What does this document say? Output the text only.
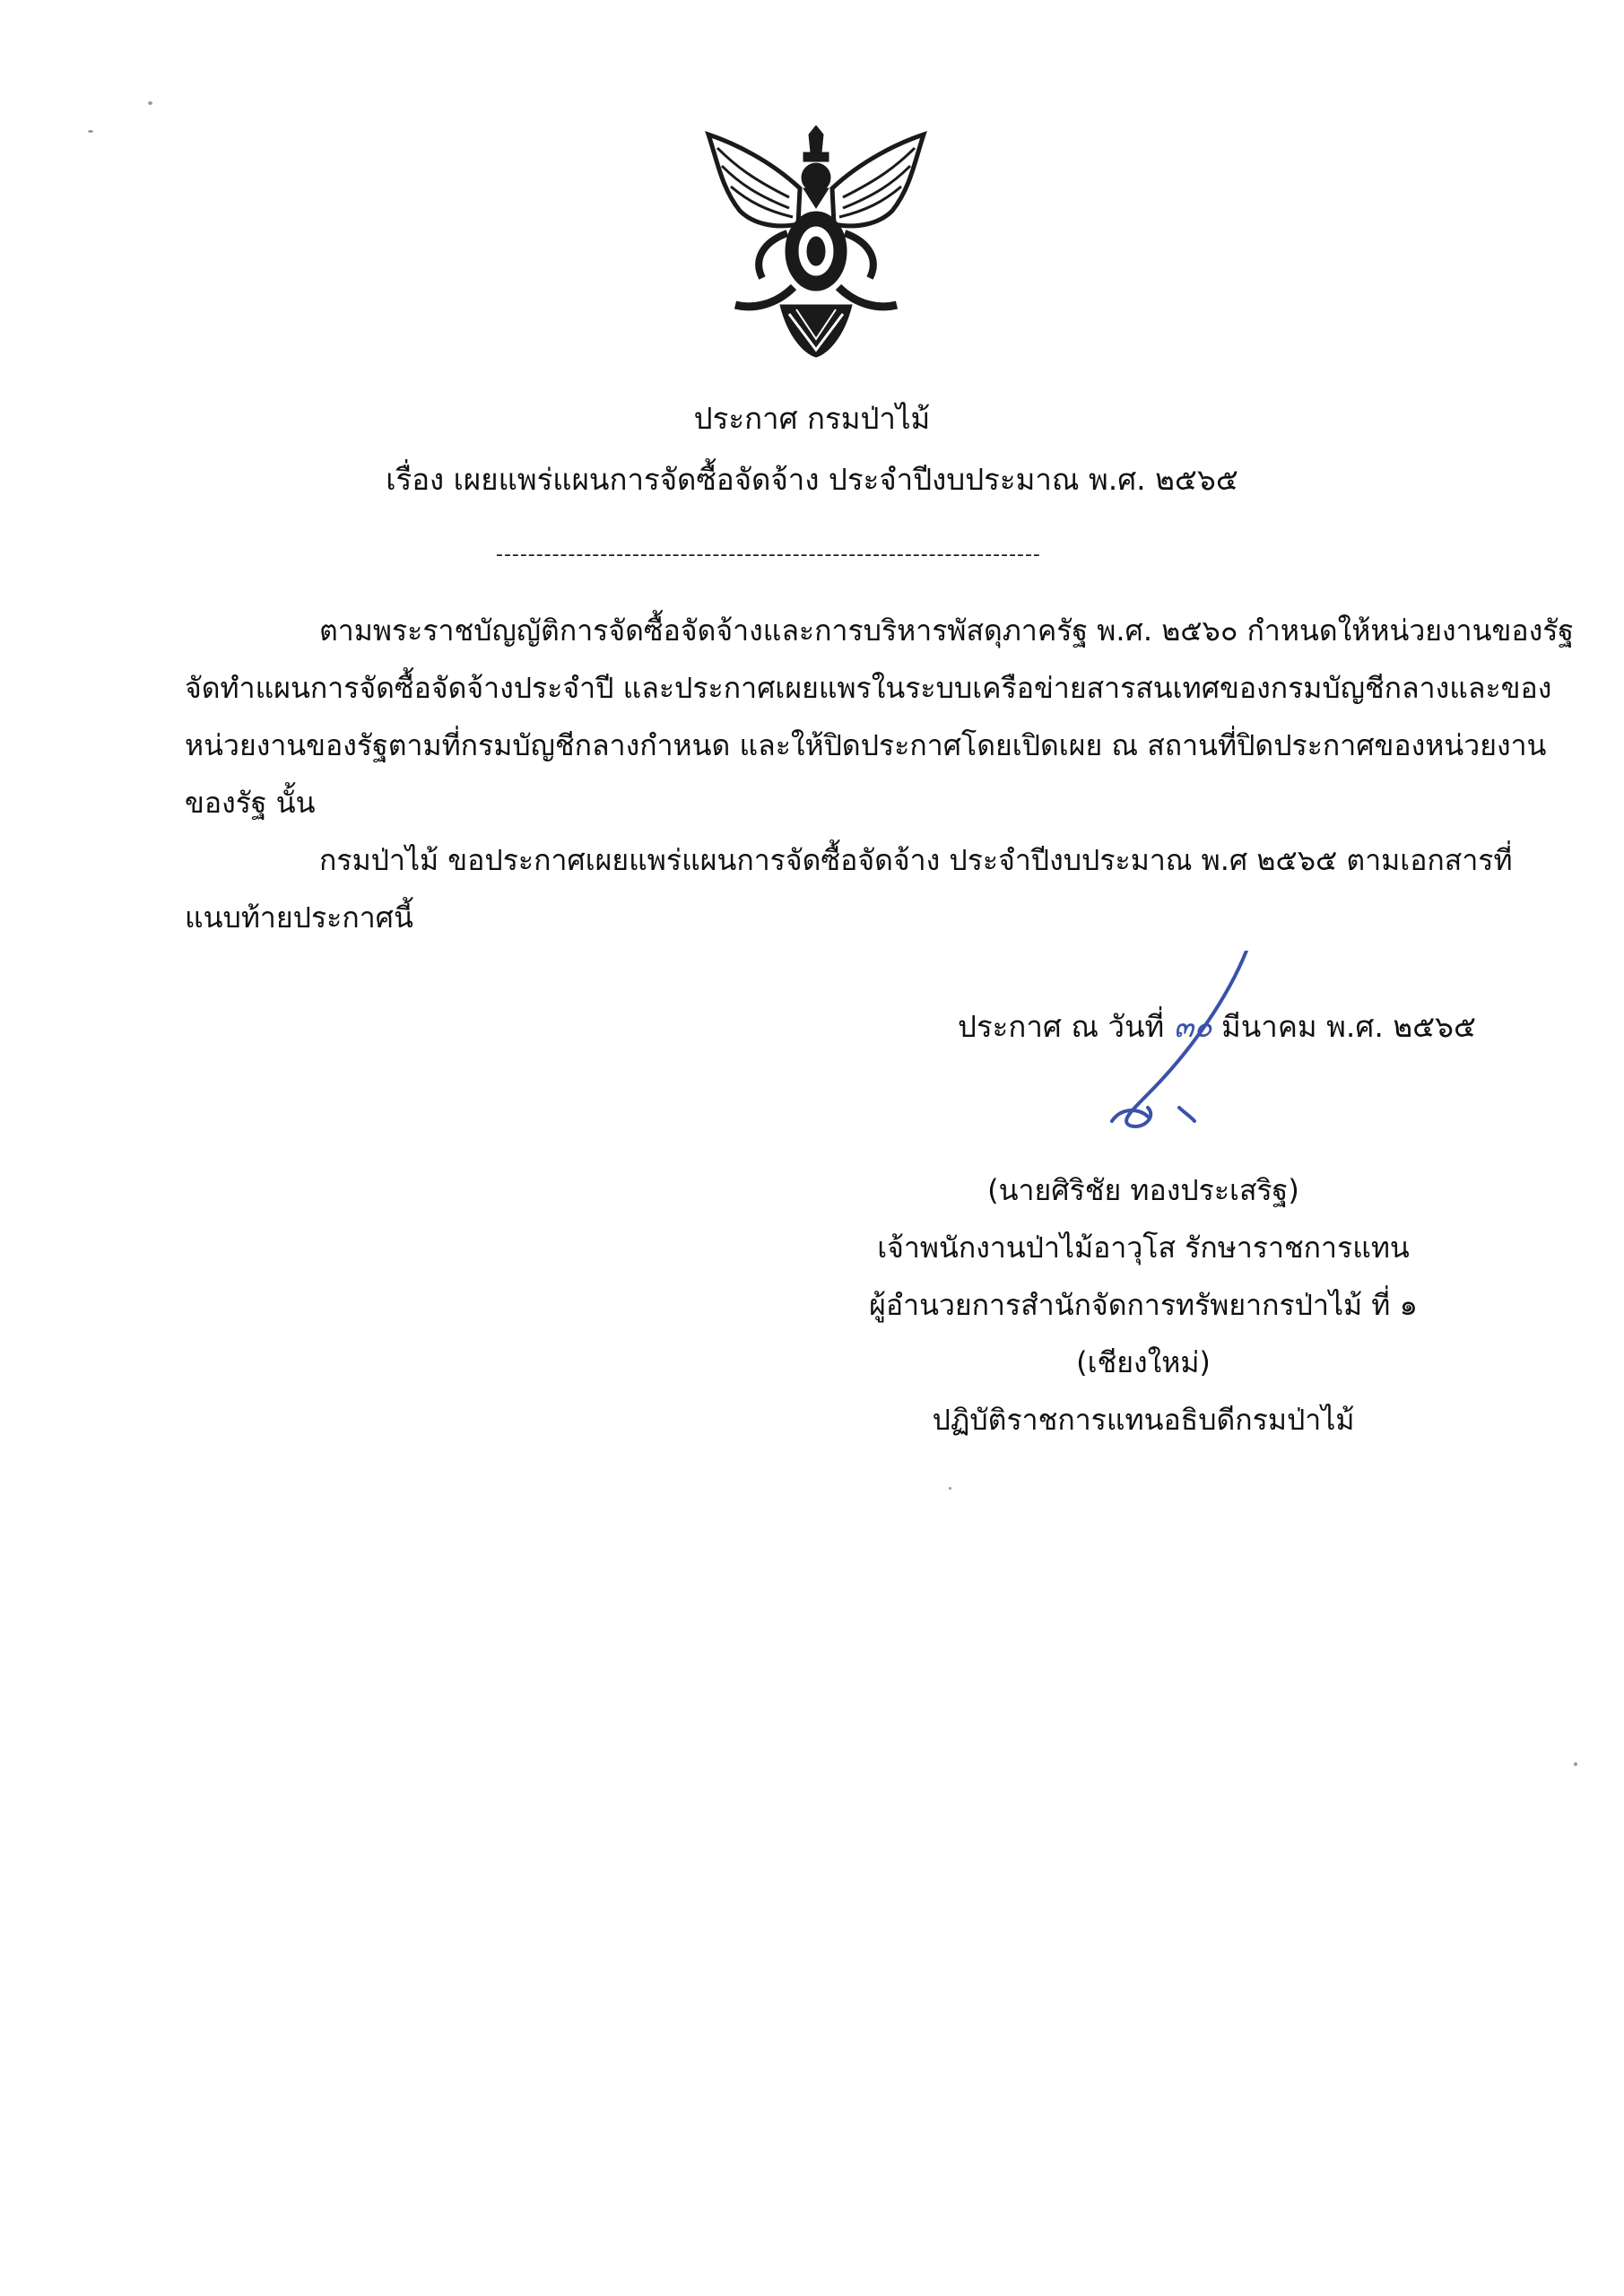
ประกาศ กรมป่าไม้
เรื่อง เผยแพร่แผนการจัดซื้อจัดจ้าง ประจำปีงบประมาณ พ.ศ. ๒๕๖๕
--------------------------------------------------------------------
ตามพระราชบัญญัติการจัดซื้อจัดจ้างและการบริหารพัสดุภาครัฐ พ.ศ. ๒๕๖๐ กำหนดให้หน่วยงานของรัฐ
จัดทำแผนการจัดซื้อจัดจ้างประจำปี และประกาศเผยแพรในระบบเครือข่ายสารสนเทศของกรมบัญชีกลางและของ
หน่วยงานของรัฐตามที่กรมบัญชีกลางกำหนด และให้ปิดประกาศโดยเปิดเผย ณ สถานที่ปิดประกาศของหน่วยงาน
ของรัฐ นั้น
กรมป่าไม้ ขอประกาศเผยแพร่แผนการจัดซื้อจัดจ้าง ประจำปีงบประมาณ พ.ศ ๒๕๖๕ ตามเอกสารที่
แนบท้ายประกาศนี้
ประกาศ ณ วันที่ ๓๐ มีนาคม พ.ศ. ๒๕๖๕
(นายศิริชัย ทองประเสริฐ)
เจ้าพนักงานป่าไม้อาวุโส รักษาราชการแทน
ผู้อำนวยการสำนักจัดการทรัพยากรป่าไม้ ที่ ๑
(เชียงใหม่)
ปฏิบัติราชการแทนอธิบดีกรมป่าไม้
